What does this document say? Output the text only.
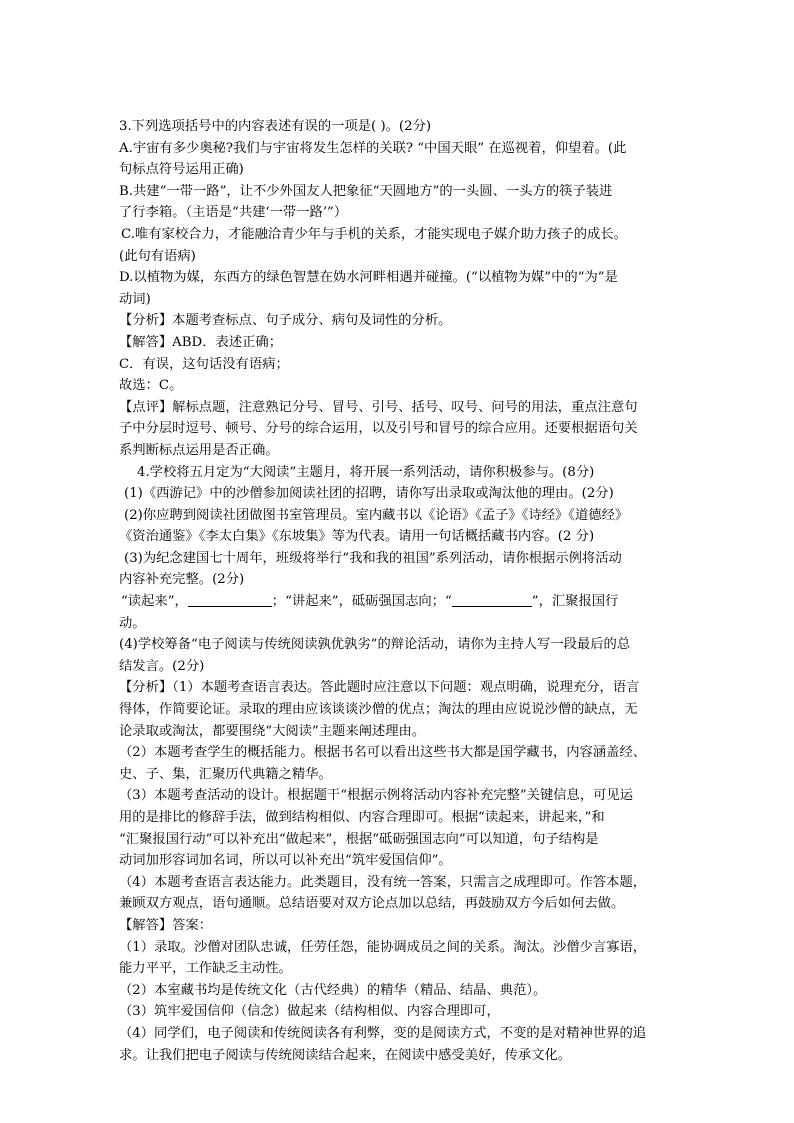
3.下列选项括号中的内容表述有误的一项是( )。(2分)

A.宇宙有多少奥秘?我们与宇宙将发生怎样的关联? “中国天眼” 在巡视着，仰望着。(此

句标点符号运用正确)

B.共建“一带一路”，让不少外国友人把象征“天圆地方”的一头圆、一头方的筷子装进

了行李箱。（主语是“共建‘一带一路’”）

C.唯有家校合力，才能融洽青少年与手机的关系，才能实现电子媒介助力孩子的成长。

(此句有语病)

D.以植物为媒，东西方的绿色智慧在妫水河畔相遇并碰撞。(“以植物为媒”中的“为”是

动词)

【分析】本题考查标点、句子成分、病句及词性的分析。

【解答】ABD．表述正确；

C．有误，这句话没有语病；

故选：C。

【点评】解标点题，注意熟记分号、冒号、引号、括号、叹号、问号的用法，重点注意句

子中分层时逗号、顿号、分号的综合运用，以及引号和冒号的综合应用。还要根据语句关

系判断标点运用是否正确。

4.学校将五月定为“大阅读”主题月，将开展一系列活动，请你积极参与。(8分)

(1)《西游记》中的沙僧参加阅读社团的招聘，请你写出录取或淘汰他的理由。(2分)

(2)你应聘到阅读社团做图书室管理员。室内藏书以《论语》《孟子》《诗经》《道德经》

《资治通鉴》《李太白集》《东坡集》等为代表。请用一句话概括藏书内容。(2 分)

(3)为纪念建国七十周年，班级将举行“我和我的祖国”系列活动，请你根据示例将活动

内容补充完整。(2分)

“读起来”，	；“讲起来”，砥砺强国志向；“	”，汇聚报国行

动。

(4)学校筹备“电子阅读与传统阅读孰优孰劣”的辩论活动，请你为主持人写一段最后的总

结发言。(2分)

【分析】（1）本题考查语言表达。答此题时应注意以下问题：观点明确，说理充分，语言

得体，作简要论证。录取的理由应该谈谈沙僧的优点；淘汰的理由应说说沙僧的缺点，无

论录取或淘汰，都要围绕“大阅读”主题来阐述理由。

（2）本题考查学生的概括能力。根据书名可以看出这些书大都是国学藏书，内容涵盖经、

史、子、集，汇聚历代典籍之精华。

（3）本题考查活动的设计。根据题干“根据示例将活动内容补充完整”关键信息，可见运

用的是排比的修辞手法，做到结构相似、内容合理即可。根据“读起来，讲起来，”和

“汇聚报国行动”可以补充出“做起来”，根据“砥砺强国志向”可以知道，句子结构是

动词加形容词加名词，所以可以补充出“筑牢爱国信仰”。

（4）本题考查语言表达能力。此类题目，没有统一答案，只需言之成理即可。作答本题，

兼顾双方观点，语句通顺。总结语要对双方论点加以总结，再鼓励双方今后如何去做。

【解答】答案：

（1）录取。沙僧对团队忠诚，任劳任怨，能协调成员之间的关系。淘汰。沙僧少言寡语，

能力平平，工作缺乏主动性。

（2）本室藏书均是传统文化（古代经典）的精华（精品、结晶、典范）。

（3）筑牢爱国信仰（信念）做起来（结构相似、内容合理即可，

（4）同学们，电子阅读和传统阅读各有利弊，变的是阅读方式，不变的是对精神世界的追

求。让我们把电子阅读与传统阅读结合起来，在阅读中感受美好，传承文化。
